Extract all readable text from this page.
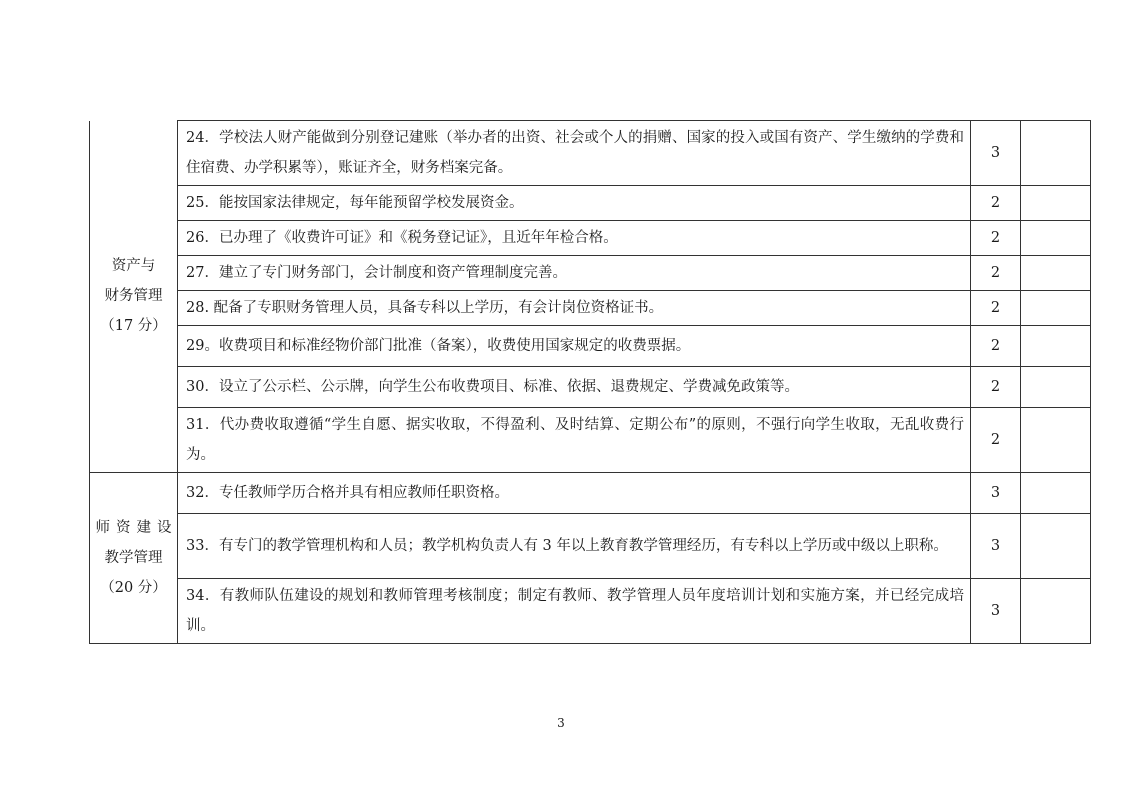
资产与
财务管理
（17 分）	24．学校法人财产能做到分别登记建账（举办者的出资、社会或个人的捐赠、国家的投入或国有资产、学生缴纳的学费和住宿费、办学积累等），账证齐全，财务档案完备。	3	
	25．能按国家法律规定，每年能预留学校发展资金。	2	
	26．已办理了《收费许可证》和《税务登记证》，且近年年检合格。	2	
	27．建立了专门财务部门，会计制度和资产管理制度完善。	2	
	28. 配备了专职财务管理人员，具备专科以上学历，有会计岗位资格证书。	2	
	29。收费项目和标准经物价部门批准（备案），收费使用国家规定的收费票据。	2	
	30．设立了公示栏、公示牌，向学生公布收费项目、标准、依据、退费规定、学费减免政策等。	2	
	31．代办费收取遵循“学生自愿、据实收取，不得盈利、及时结算、定期公布”的原则，不强行向学生收取，无乱收费行为。	2	

师资建设
教学管理
（20 分）	32．专任教师学历合格并具有相应教师任职资格。	3	
	33．有专门的教学管理机构和人员；教学机构负责人有 3 年以上教育教学管理经历，有专科以上学历或中级以上职称。	3	
	34．有教师队伍建设的规划和教师管理考核制度；制定有教师、教学管理人员年度培训计划和实施方案，并已经完成培训。	3	
3
